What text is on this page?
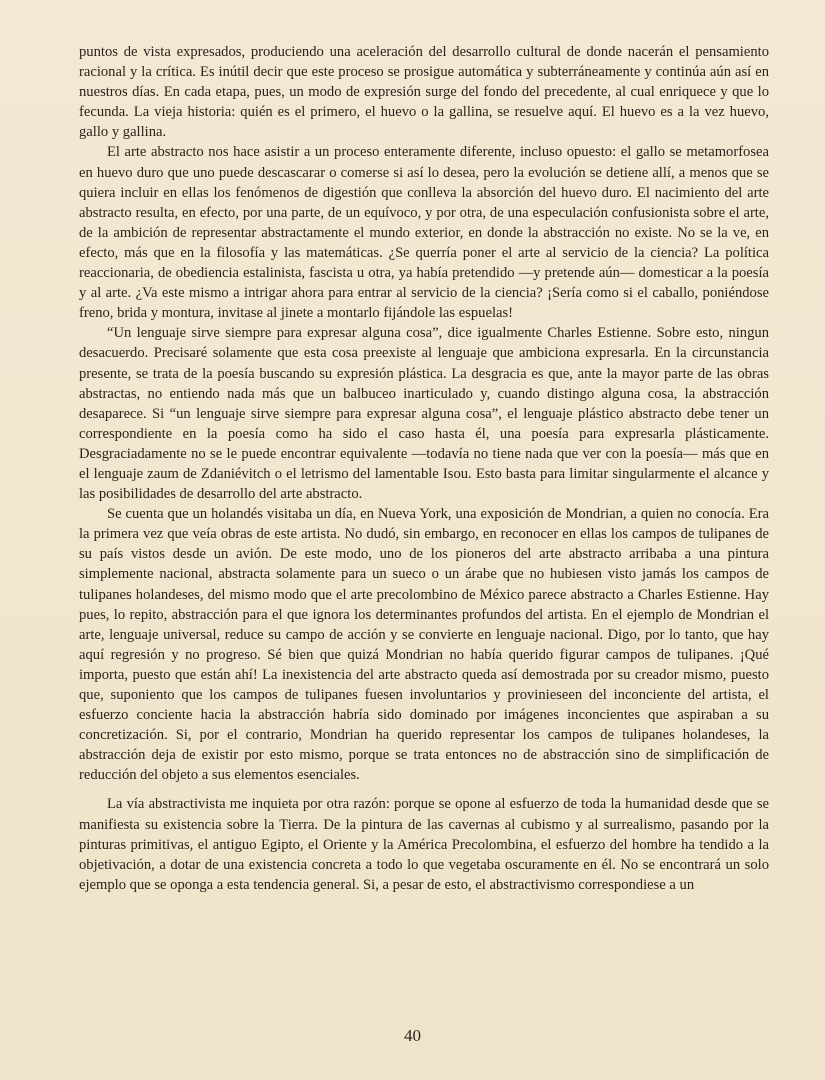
puntos de vista expresados, produciendo una aceleración del desarrollo cultural de donde nacerán el pensamiento racional y la crítica. Es inútil decir que este proceso se prosigue automática y subterráneamente y continúa aún así en nuestros días. En cada etapa, pues, un modo de expresión surge del fondo del precedente, al cual enriquece y que lo fecunda. La vieja historia: quién es el primero, el huevo o la gallina, se resuelve aquí. El huevo es a la vez huevo, gallo y gallina.

El arte abstracto nos hace asistir a un proceso enteramente diferente, incluso opuesto: el gallo se metamorfosea en huevo duro que uno puede descascarar o comerse si así lo desea, pero la evolución se detiene allí, a menos que se quiera incluir en ellas los fenómenos de digestión que conlleva la absorción del huevo duro. El nacimiento del arte abstracto resulta, en efecto, por una parte, de un equívoco, y por otra, de una especulación confusionista sobre el arte, de la ambición de representar abstractamente el mundo exterior, en donde la abstracción no existe. No se la ve, en efecto, más que en la filosofía y las matemáticas. ¿Se querría poner el arte al servicio de la ciencia? La política reaccionaria, de obediencia estalinista, fascista u otra, ya había pretendido —y pretende aún— domesticar a la poesía y al arte. ¿Va este mismo a intrigar ahora para entrar al servicio de la ciencia? ¡Sería como si el caballo, poniéndose freno, brida y montura, invitase al jinete a montarlo fijándole las espuelas!

“Un lenguaje sirve siempre para expresar alguna cosa”, dice igualmente Charles Estienne. Sobre esto, ningun desacuerdo. Precisaré solamente que esta cosa preexiste al lenguaje que ambiciona expresarla. En la circunstancia presente, se trata de la poesía buscando su expresión plástica. La desgracia es que, ante la mayor parte de las obras abstractas, no entiendo nada más que un balbuceo inarticulado y, cuando distingo alguna cosa, la abstracción desaparece. Si “un lenguaje sirve siempre para expresar alguna cosa”, el lenguaje plástico abstracto debe tener un correspondiente en la poesía como ha sido el caso hasta él, una poesía para expresarla plásticamente. Desgraciadamente no se le puede encontrar equivalente —todavía no tiene nada que ver con la poesía— más que en el lenguaje zaum de Zdaniévitch o el letrismo del lamentable Isou. Esto basta para limitar singularmente el alcance y las posibilidades de desarrollo del arte abstracto.

Se cuenta que un holandés visitaba un día, en Nueva York, una exposición de Mondrian, a quien no conocía. Era la primera vez que veía obras de este artista. No dudó, sin embargo, en reconocer en ellas los campos de tulipanes de su país vistos desde un avión. De este modo, uno de los pioneros del arte abstracto arribaba a una pintura simplemente nacional, abstracta solamente para un sueco o un árabe que no hubiesen visto jamás los campos de tulipanes holandeses, del mismo modo que el arte precolombino de México parece abstracto a Charles Estienne. Hay pues, lo repito, abstracción para el que ignora los determinantes profundos del artista. En el ejemplo de Mondrian el arte, lenguaje universal, reduce su campo de acción y se convierte en lenguaje nacional. Digo, por lo tanto, que hay aquí regresión y no progreso. Sé bien que quizá Mondrian no había querido figurar campos de tulipanes. ¡Qué importa, puesto que están ahí! La inexistencia del arte abstracto queda así demostrada por su creador mismo, puesto que, suponiento que los campos de tulipanes fuesen involuntarios y provinieseen del inconciente del artista, el esfuerzo conciente hacia la abstracción habría sido dominado por imágenes inconcientes que aspiraban a su concretización. Si, por el contrario, Mondrian ha querido representar los campos de tulipanes holandeses, la abstracción deja de existir por esto mismo, porque se trata entonces no de abstracción sino de simplificación de reducción del objeto a sus elementos esenciales.

La vía abstractivista me inquieta por otra razón: porque se opone al esfuerzo de toda la humanidad desde que se manifiesta su existencia sobre la Tierra. De la pintura de las cavernas al cubismo y al surrealismo, pasando por la pinturas primitivas, el antiguo Egipto, el Oriente y la América Precolombina, el esfuerzo del hombre ha tendido a la objetivación, a dotar de una existencia concreta a todo lo que vegetaba oscuramente en él. No se encontrará un solo ejemplo que se oponga a esta tendencia general. Si, a pesar de esto, el abstractivismo correspondiese a un

40
